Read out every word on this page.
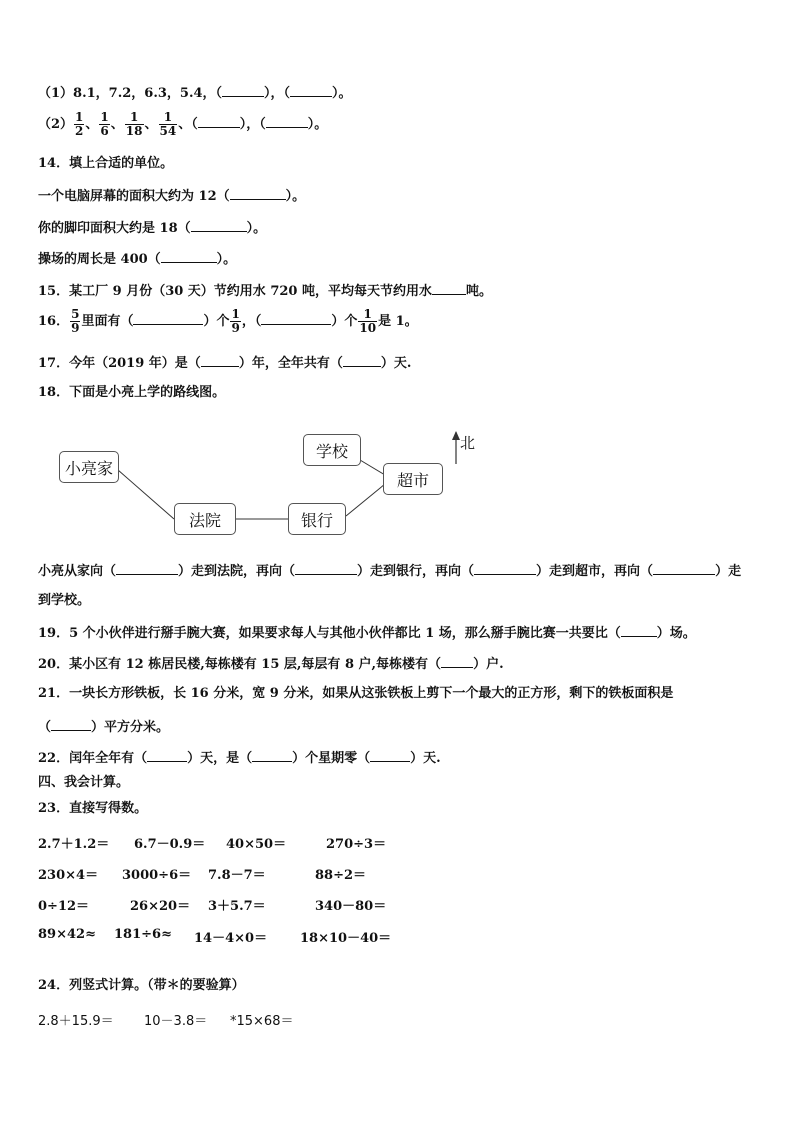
（1）8.1，7.2，6.3，5.4，（	），（	）。
$(2) \frac{1}{2}$ 、 $\frac{1}{6}$ 、 $\frac{1}{18}$ 、 $\frac{1}{54}$ 、（	），（	）。
14．填上合适的单位。
一个电脑屏幕的面积大约为 12（	）。
你的脚印面积大约是 18（	）。
操场的周长是 400（	）。
15．某工厂 9 月份（30 天）节约用水 720 吨，平均每天节约用水	吨。
16． $\frac{5}{9}$ 里面有（	）个 $\frac{1}{9}$ ，（	）个 $\frac{1}{10}$ 是 1。
17．今年（2019 年）是（	）年，全年共有（	）天.
18．下面是小亮上学的路线图。
小亮家
法院	银行
超市
学校	北
小亮从家向（	）走到法院，再向（	）走到银行，再向（	）走到超市，再向（	）走
到学校。
19．5 个小伙伴进行掰手腕大赛，如果要求每人与其他小伙伴都比 1 场，那么掰手腕比赛一共要比（	）场。
20．某小区有 12 栋居民楼,每栋楼有 15 层,每层有 8 户,每栋楼有（ ）户.
21．一块长方形铁板，长 16 分米，宽 9 分米，如果从这张铁板上剪下一个最大的正方形，剩下的铁板面积是
（	）平方分米。
22．闰年全年有（	）天，是（	）个星期零（	）天.
四、我会计算。
23．直接写得数。
2.7＋1.2＝ 6.7－0.9＝ 40×50＝	270÷3＝
230×4＝ 3000÷6＝ 7.8－7＝	88÷2＝
0÷12＝	26×20＝ 3＋5.7＝	340－80＝
89×42≈ 181÷6≈ 14－4×0＝	18×10－40＝
24．列竖式计算。（带＊的要验算）
2.8＋15.9＝ 10－3.8＝ *15×68＝
